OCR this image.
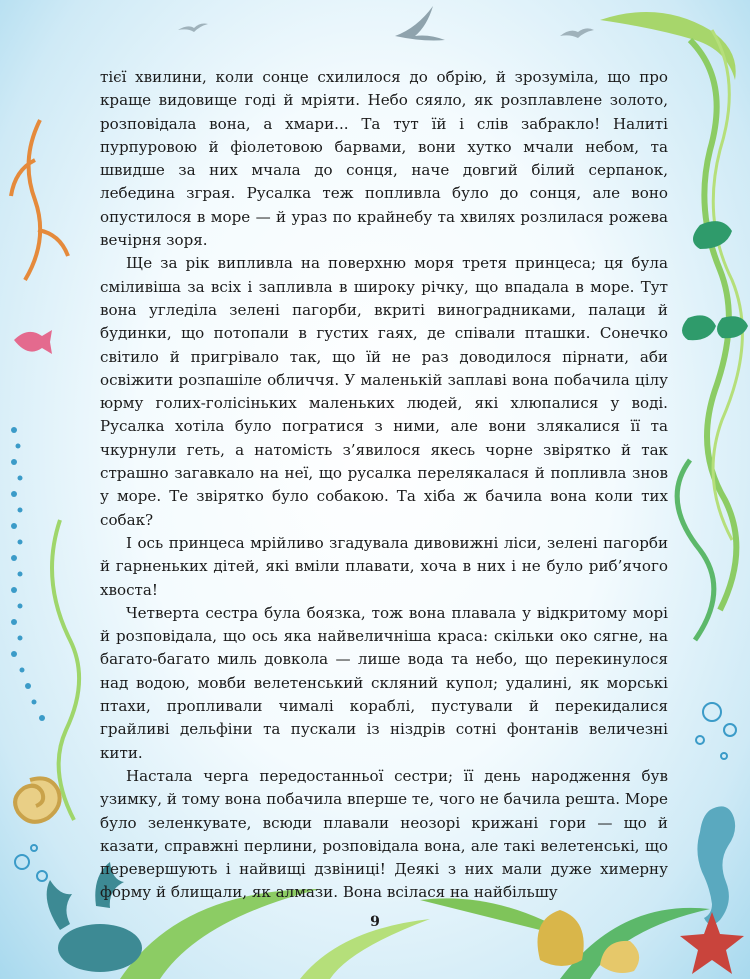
тієї хвилини, коли сонце схилилося до обрію, й зрозуміла, що про краще видовище годі й мріяти. Небо сяяло, як розплавлене золото, розповідала вона, а хмари... Та тут їй і слів забракло! Налиті пурпуровою й фіолетовою барвами, вони хутко мчали небом, та швидше за них мчала до сонця, наче довгий білий серпанок, лебедина зграя. Русалка теж попливла було до сонця, але воно опустилося в море — й ураз по крайнебу та хвилях розлилася рожева вечірня зоря.

Ще за рік випливла на поверхню моря третя принцеса; ця була сміливіша за всіх і запливла в широку річку, що впадала в море. Тут вона угледіла зелені пагорби, вкриті виноградниками, палаци й будинки, що потопали в густих гаях, де співали пташки. Сонечко світило й пригрівало так, що їй не раз доводилося пірнати, аби освіжити розпашіле обличчя. У маленькій заплаві вона побачила цілу юрму голих-голісіньких маленьких людей, які хлюпалися у воді. Русалка хотіла було погратися з ними, але вони злякалися її та чкурнули геть, а натомість з’явилося якесь чорне звірятко й так страшно загавкало на неї, що русалка перелякалася й попливла знов у море. Те звірятко було собакою. Та хіба ж бачила вона коли тих собак?

І ось принцеса мрійливо згадувала дивовижні ліси, зелені пагорби й гарненьких дітей, які вміли плавати, хоча в них і не було риб’ячого хвоста!

Четверта сестра була боязка, тож вона плавала у відкритому морі й розповідала, що ось яка найвеличніша краса: скільки око сягне, на багато-багато миль довкола — лише вода та небо, що перекинулося над водою, мовби велетенський скляний купол; удалині, як морські птахи, пропливали чималі кораблі, пустували й перекидалися грайливі дельфіни та пускали із ніздрів сотні фонтанів величезні кити.

Настала черга передостанньої сестри; її день народження був узимку, й тому вона побачила вперше те, чого не бачила решта. Море було зеленкувате, всюди плавали неозорі крижані гори — що й казати, справжні перлини, розповідала вона, але такі велетенські, що перевершують і найвищі дзвіниці! Деякі з них мали дуже химерну форму й блищали, як алмази. Вона всілася на найбільшу

9
